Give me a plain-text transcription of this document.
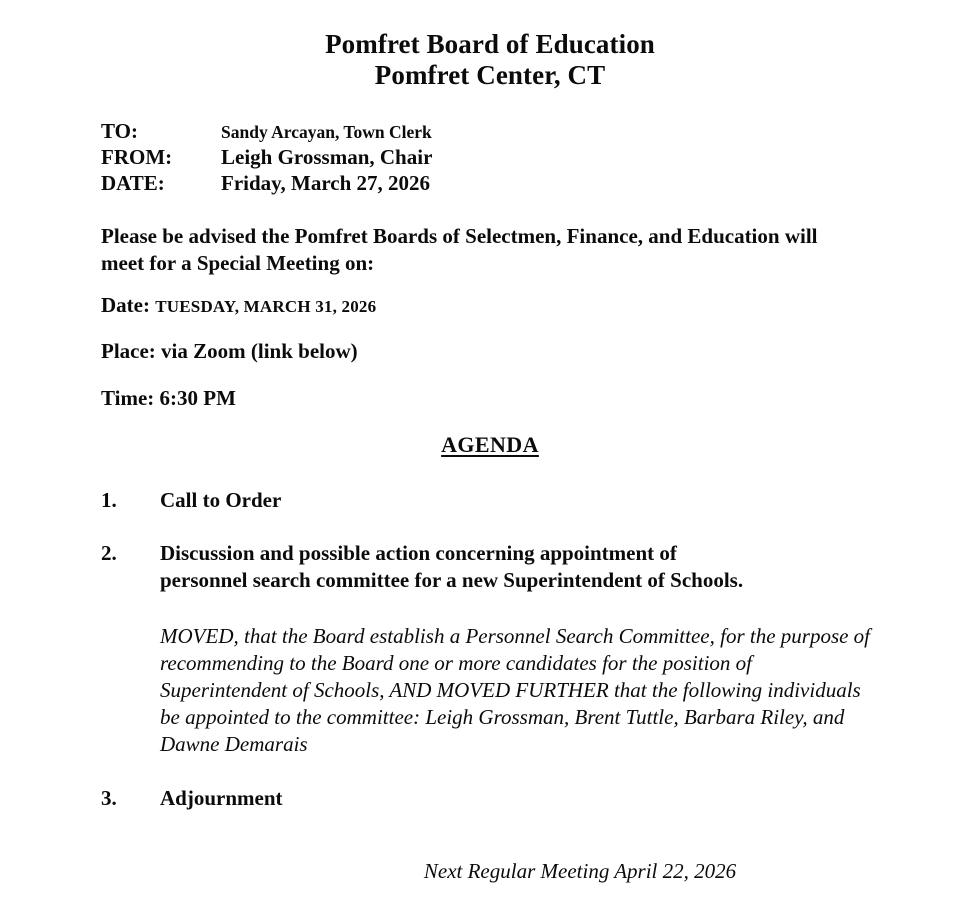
Pomfret Board of Education
Pomfret Center, CT
TO:	Sandy Arcayan, Town Clerk
FROM:	Leigh Grossman, Chair
DATE:	Friday, March 27, 2026
Please be advised the Pomfret Boards of Selectmen, Finance, and Education will meet for a Special Meeting on:
Date: TUESDAY, MARCH 31, 2026
Place: via Zoom (link below)
Time: 6:30 PM
AGENDA
1.	Call to Order
2.	Discussion and possible action concerning appointment of personnel search committee for a new Superintendent of Schools.
MOVED, that the Board establish a Personnel Search Committee, for the purpose of recommending to the Board one or more candidates for the position of Superintendent of Schools, AND MOVED FURTHER that the following individuals be appointed to the committee: Leigh Grossman, Brent Tuttle, Barbara Riley, and Dawne Demarais
3.	Adjournment
Next Regular Meeting April 22, 2026
